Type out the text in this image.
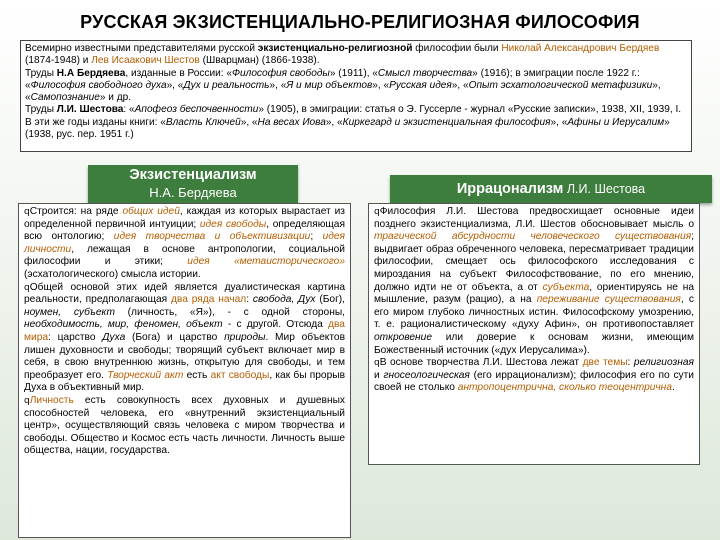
РУССКАЯ ЭКЗИСТЕНЦИАЛЬНО-РЕЛИГИОЗНАЯ ФИЛОСОФИЯ

Всемирно известными представителями русской экзистенциально-религиозной философии были Николай Александрович Бердяев (1874-1948) и Лев Исаакович Шестов (Шварцман) (1866-1938).

Труды Н.А Бердяева, изданные в России: «Философия свободы» (1911), «Смысл творчества» (1916); в эмиграции после 1922 г.: «Философия свободного духа», «Дух и реальность», «Я и мир объектов», «Русская идея», «Опыт эсхатологической метафизики», «Самопознание» и др.

Труды Л.И. Шестова: «Апофеоз беспочвенности» (1905), в эмиграции: статья о Э. Гуссерле - журнал «Русские записки», 1938, XII, 1939, I. В эти же годы изданы книги: «Власть Ключей», «На весах Иова», «Киркегард и экзистенциальная философия», «Афины и Иерусалим» (1938, рус. пер. 1951 г.)

Экзистенциализм
Н.А. Бердяева	Иррацонализм Л.И. Шестова

qСтроится: на ряде общих идей, каждая из которых вырастает из определенной первичной интуиции; идея свободы, определяющая всю онтологию; идея творчества и объективизации; идея личности, лежащая в основе антропологии, социальной философии и этики; идея «метаисторического» (эсхатологического) смысла истории.

qОбщей основой этих идей является дуалистическая картина реальности, предполагающая два ряда начал: свобода, Дух (Бог), ноумен, субъект (личность, «Я»), - с одной стороны, необходимость, мир, феномен, объект - с другой. Отсюда два мира: царство Духа (Бога) и царство природы. Мир объектов лишен духовности и свободы; творящий субъект включает мир в себя, в свою внутреннюю жизнь, открытую для свободы, и тем преобразует его. Творческий акт есть акт свободы, как бы прорыв Духа в объективный мир.

qЛичность есть совокупность всех духовных и душевных способностей человека, его «внутренний экзистенциальный центр», осуществляющий связь человека с миром творчества и свободы. Общество и Космос есть часть личности. Личность выше общества, нации, государства.

qФилософия Л.И. Шестова предвосхищает основные идеи позднего экзистенциализма, Л.И. Шестов обосновывает мысль о трагической абсурдности человеческого существования; выдвигает образ обреченного человека, пересматривает традиции философии, смещает ось философского исследования с мироздания на субъект Философствование, по его мнению, должно идти не от объекта, а от субъекта, ориентируясь не на мышление, разум (рацио), а на переживание существования, с его миром глубоко личностных истин. Философскому умозрению, т. е. рационалистическому «духу Афин», он противопоставляет откровение или доверие к основам жизни, имеющим Божественный источник («дух Иерусалима»).

qВ основе творчества Л.И. Шестова лежат две темы: религиозная и гносеологическая (его иррационализм); философия его по сути своей не столько антропоцентрична, сколько теоцентрична.
